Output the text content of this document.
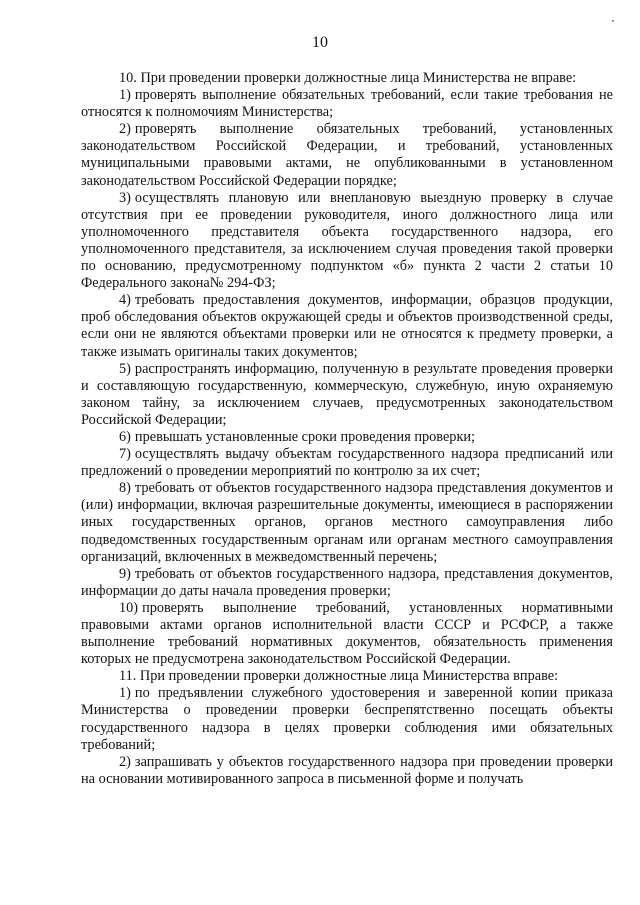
10

10. При проведении проверки должностные лица Министерства не вправе:

1) проверять выполнение обязательных требований, если такие требования не относятся к полномочиям Министерства;

2) проверять выполнение обязательных требований, установленных законодательством Российской Федерации, и требований, установленных муниципальными правовыми актами, не опубликованными в установленном законодательством Российской Федерации порядке;

3) осуществлять плановую или внеплановую выездную проверку в случае отсутствия при ее проведении руководителя, иного должностного лица или уполномоченного представителя объекта государственного надзора, его уполномоченного представителя, за исключением случая проведения такой проверки по основанию, предусмотренному подпунктом «б» пункта 2 части 2 статьи 10 Федерального закона№ 294-ФЗ;

4) требовать предоставления документов, информации, образцов продукции, проб обследования объектов окружающей среды и объектов производственной среды, если они не являются объектами проверки или не относятся к предмету проверки, а также изымать оригиналы таких документов;

5) распространять информацию, полученную в результате проведения проверки и составляющую государственную, коммерческую, служебную, иную охраняемую законом тайну, за исключением случаев, предусмотренных законодательством Российской Федерации;

6) превышать установленные сроки проведения проверки;

7) осуществлять выдачу объектам государственного надзора предписаний или предложений о проведении мероприятий по контролю за их счет;

8) требовать от объектов государственного надзора представления документов и (или) информации, включая разрешительные документы, имеющиеся в распоряжении иных государственных органов, органов местного самоуправления либо подведомственных государственным органам или органам местного самоуправления организаций, включенных в межведомственный перечень;

9) требовать от объектов государственного надзора, представления документов, информации до даты начала проведения проверки;

10) проверять выполнение требований, установленных нормативными правовыми актами органов исполнительной власти СССР и РСФСР, а также выполнение требований нормативных документов, обязательность применения которых не предусмотрена законодательством Российской Федерации.

11. При проведении проверки должностные лица Министерства вправе:

1) по предъявлении служебного удостоверения и заверенной копии приказа Министерства о проведении проверки беспрепятственно посещать объекты государственного надзора в целях проверки соблюдения ими обязательных требований;

2) запрашивать у объектов государственного надзора при проведении проверки на основании мотивированного запроса в письменной форме и получать
